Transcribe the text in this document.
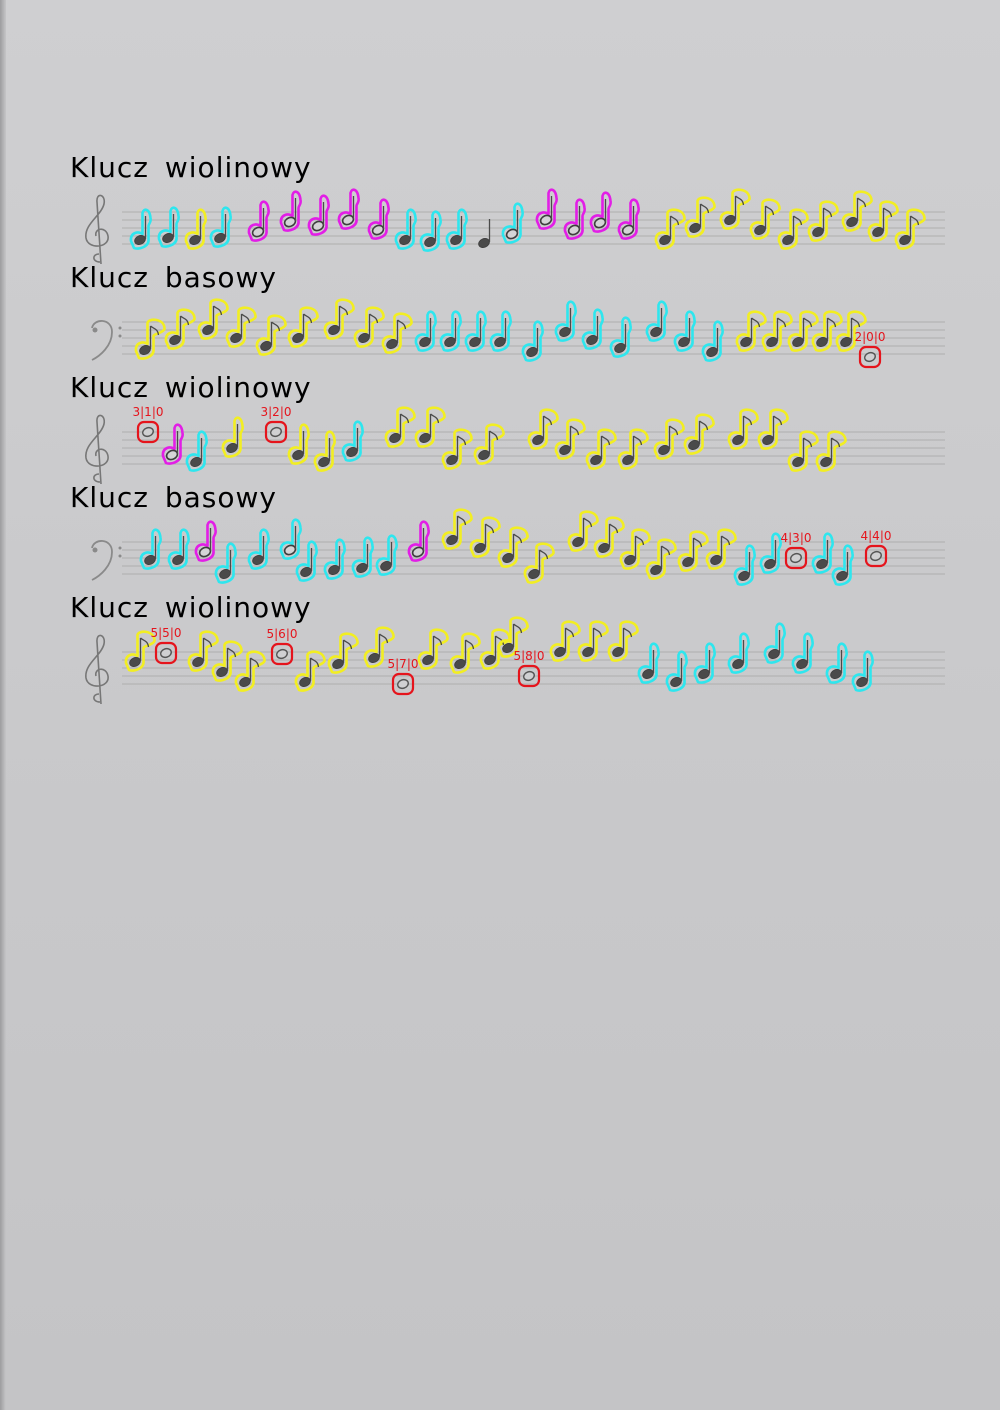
Klucz wiolinowy
Klucz basowy
Klucz wiolinowy
Klucz basowy
Klucz wiolinowy
2|0|0
3|1|0	3|2|0
4|3|0	4|4|0
5|5|0	5|6|0
5|7|0
5|8|0
